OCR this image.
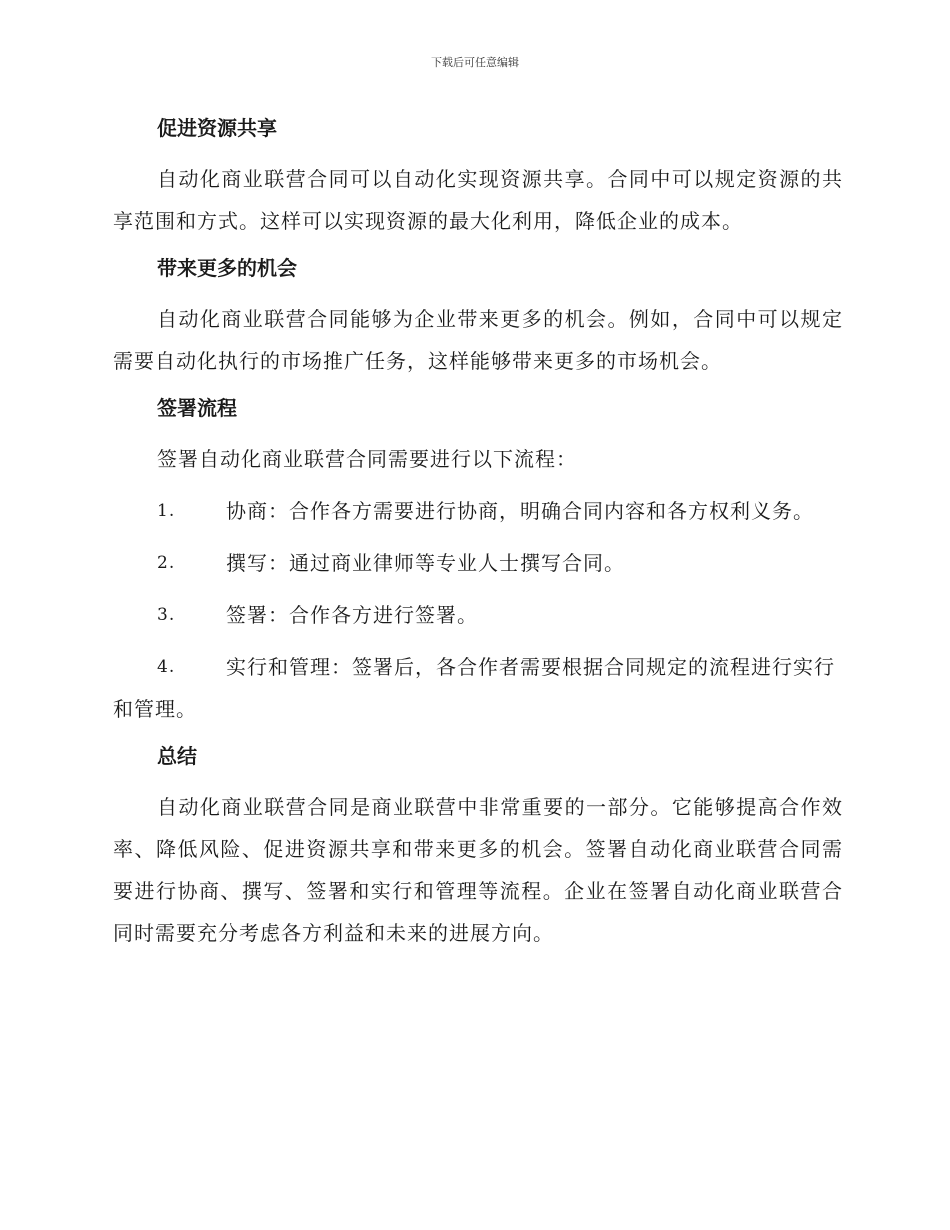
下载后可任意编辑
促进资源共享

自动化商业联营合同可以自动化实现资源共享。合同中可以规定资源的共享范围和方式。这样可以实现资源的最大化利用，降低企业的成本。

带来更多的机会

自动化商业联营合同能够为企业带来更多的机会。例如，合同中可以规定需要自动化执行的市场推广任务，这样能够带来更多的市场机会。

签署流程

签署自动化商业联营合同需要进行以下流程：

1.	协商：合作各方需要进行协商，明确合同内容和各方权利义务。

2.	撰写：通过商业律师等专业人士撰写合同。

3.	签署：合作各方进行签署。

4.	实行和管理：签署后，各合作者需要根据合同规定的流程进行实行和管理。

总结

自动化商业联营合同是商业联营中非常重要的一部分。它能够提高合作效率、降低风险、促进资源共享和带来更多的机会。签署自动化商业联营合同需要进行协商、撰写、签署和实行和管理等流程。企业在签署自动化商业联营合同时需要充分考虑各方利益和未来的进展方向。
